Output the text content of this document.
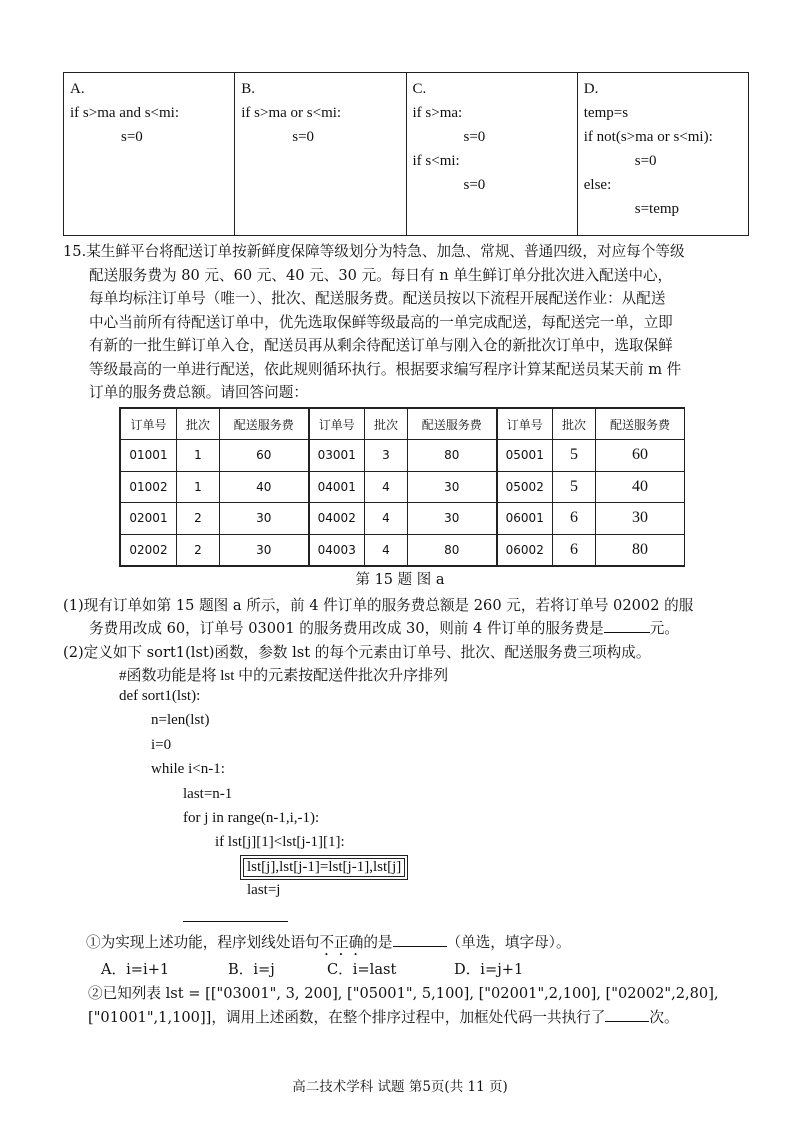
A.
if s>ma and s<mi:
s=0

B.
if s>ma or s<mi:
s=0

C.
if s>ma:
s=0
if s<mi:
s=0

D.
temp=s
if not(s>ma or s<mi):
s=0
else:
s=temp
15.某生鲜平台将配送订单按新鲜度保障等级划分为特急、加急、常规、普通四级，对应每个等级
配送服务费为 80 元、60 元、40 元、30 元。每日有 n 单生鲜订单分批次进入配送中心，
每单均标注订单号（唯一）、批次、配送服务费。配送员按以下流程开展配送作业：从配送
中心当前所有待配送订单中，优先选取保鲜等级最高的一单完成配送，每配送完一单，立即
有新的一批生鲜订单入仓，配送员再从剩余待配送订单与刚入仓的新批次订单中，选取保鲜
等级最高的一单进行配送，依此规则循环执行。根据要求编写程序计算某配送员某天前 m 件
订单的服务费总额。请回答问题：
订单号	批次	配送服务费	订单号	批次	配送服务费	订单号	批次	配送服务费
01001	1	60	03001	3	80	05001	5	60
01002	1	40	04001	4	30	05002	5	40
02001	2	30	04002	4	30	06001	6	30
02002	2	30	04003	4	80	06002	6	80
第 15 题 图 a
(1)现有订单如第 15 题图 a 所示，前 4 件订单的服务费总额是 260 元，若将订单号 02002 的服
务费用改成 60，订单号 03001 的服务费用改成 30，则前 4 件订单的服务费是	元。
(2)定义如下 sort1(lst)函数，参数 lst 的每个元素由订单号、批次、配送服务费三项构成。
#函数功能是将 lst 中的元素按配送件批次升序排列
def sort1(lst):
n=len(lst)
i=0
while i<n-1:
last=n-1
for j in range(n-1,i,-1):
if lst[j][1]<lst[j-1][1]:
lst[j],lst[j-1]=lst[j-1],lst[j]
last=j
①为实现上述功能，程序划线处语句不正确的是	（单选，填字母）。
A．i=i+1	B．i=j	C．i=last	D．i=j+1
②已知列表 lst = [["03001", 3, 200], ["05001", 5,100], ["02001",2,100], ["02002",2,80],
["01001",1,100]]，调用上述函数，在整个排序过程中，加框处代码一共执行了	次。
高二技术学科 试题 第5页(共 11 页)
